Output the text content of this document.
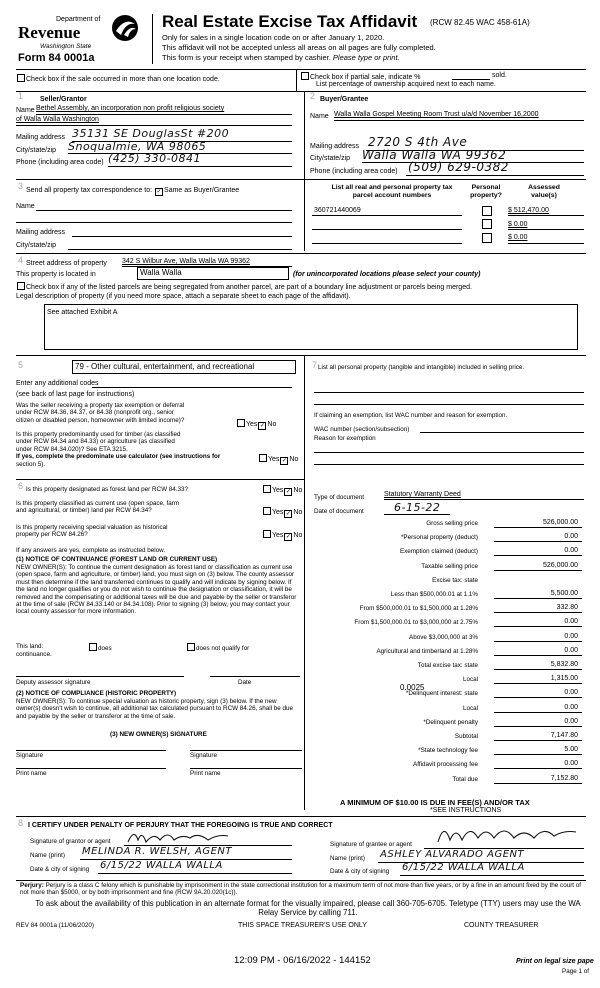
Department of
Revenue
Washington State
Form 84 0001a
Real Estate Excise Tax Affidavit (RCW 82.45 WAC 458-61A)
Only for sales in a single location code on or after January 1, 2020.
This affidavit will not be accepted unless all areas on all pages are fully completed.
This form is your receipt when stamped by cashier. Please type or print.
Check box if the sale occurred in more than one location code.	Check box if partial sale, indicate %	sold.
List percentage of ownership acquired next to each name.
1 Seller/Grantor
Name Bethel Assembly, an incorporation non profit religious society
of Walla Walla Washington
Mailing address 35131 SE DouglasSt #200
City/state/zip Snoqualmie, WA 98065
Phone (including area code) (425) 330-0841
2 Buyer/Grantee
Name Walla Walla Gospel Meeting Room Trust u/a/d November 16,2000
Mailing address 2720 S 4th Ave
City/state/zip Walla Walla WA 99362
Phone (including area code) (509) 629-0382
3 Send all property tax correspondence to: ✓ Same as Buyer/Grantee
Name
Mailing address
City/state/zip
List all real and personal property tax
parcel account numbers
Personal
property?
Assessed
value(s)
360721440069	$ 512,470.00
$ 0.00
$ 0.00
4 Street address of property 342 S Wilbur Ave, Walla Walla WA 99362
This property is located in	Walla Walla	(for unincorporated locations please select your county)
Check box if any of the listed parcels are being segregated from another parcel, are part of a boundary line adjustment or parcels being merged.
Legal description of property (if you need more space, attach a separate sheet to each page of the affidavit).
See attached Exhibit A
5	79 - Other cultural, entertainment, and recreational
Enter any additional codes
(see back of last page for instructions)
Was the seller receiving a property tax exemption or deferral
under RCW 84.36, 84.37, or 84.38 (nonprofit org., senior
citizen or disabled person, homeowner with limited income)?
Yes ✓ No
Is this property predominantly used for timber (as classified
under RCW 84.34 and 84.33) or agriculture (as classified
under RCW 84.34.020)? See ETA 3215.
If yes, complete the predominate use calculator (see instructions for
section 5).
Yes ✓ No
6 Is this property designated as forest land per RCW 84.33?	Yes ✓ No
Is this property classified as current use (open space, farm
and agricultural, or timber) land per RCW 84.34?	Yes ✓ No
Is this property receiving special valuation as historical
property per RCW 84.26?	Yes ✓ No
If any answers are yes, complete as instructed below.
(1) NOTICE OF CONTINUANCE (FOREST LAND OR CURRENT USE)
NEW OWNER(S): To continue the current designation as forest land or classification as current use (open space, farm and agriculture, or timber) land, you must sign on (3) below. The county assessor must then determine if the land transferred continues to qualify and will indicate by signing below. If the land no longer qualifies or you do not wish to continue the designation or classification, it will be removed and the compensating or additional taxes will be due and payable by the seller or transferor at the time of sale (RCW 84.33.140 or 84.34.108). Prior to signing (3) below, you may contact your local county assessor for more information.
This land:	does	does not qualify for
continuance.
Deputy assessor signature	Date
(2) NOTICE OF COMPLIANCE (HISTORIC PROPERTY)
NEW OWNER(S): To continue special valuation as historic property, sign (3) below. If the new owner(s) doesn't wish to continue, all additional tax calculated pursuant to RCW 84.26, shall be due and payable by the seller or transferor at the time of sale.
(3) NEW OWNER(S) SIGNATURE
Signature	Signature
Print name	Print name
7 List all personal property (tangible and intangible) included in selling price.
If claiming an exemption, list WAC number and reason for exemption.
WAC number (section/subsection)
Reason for exemption
Type of document	Statutory Warranty Deed
Date of document	6-15-22
0.0025
A MINIMUM OF $10.00 IS DUE IN FEE(S) AND/OR TAX
*SEE INSTRUCTIONS
8 I CERTIFY UNDER PENALTY OF PERJURY THAT THE FOREGOING IS TRUE AND CORRECT
Signature of grantor or agent
Name (print) MELINDA R. WELSH, AGENT
Date & city of signing 6/15/22 WALLA WALLA
Signature of grantee or agent
Name (print) ASHLEY ALVARADO AGENT
Date & city of signing 6/15/22 WALLA WALLA
Perjury: Perjury is a class C felony which is punishable by imprisonment in the state correctional institution for a maximum term of not more than five years, or by a fine in an amount fixed by the court of not more than $5000, or by both imprisonment and fine (RCW 9A.20.020(1c)).
To ask about the availability of this publication in an alternate format for the visually impaired, please call 360-705-6705. Teletype (TTY) users may use the WA Relay Service by calling 711.
REV 84 0001a (11/06/2020)	THIS SPACE TREASURER'S USE ONLY	COUNTY TREASURER
12:09 PM - 06/16/2022 - 144152	Print on legal size pape
Page 1 of
Gross selling price	526,000.00
*Personal property (deduct)	0.00
Exemption claimed (deduct)	0.00
Taxable selling price	526,000.00
Excise tax: state
Less than $500,000.01 at 1.1%	5,500.00
From $500,000.01 to $1,500,000 at 1.28%	332.80
From $1,500,000.01 to $3,000,000 at 2.75%	0.00
Above $3,000,000 at 3%	0.00
Agricultural and timberland at 1.28%	0.00
Total excise tax: state	5,832.80
Local	1,315.00
*Delinquent interest: state	0.00
Local	0.00
*Delinquent penalty	0.00
Subtotal	7,147.80
*State technology fee	5.00
Affidavit processing fee	0.00
Total due	7,152.80
